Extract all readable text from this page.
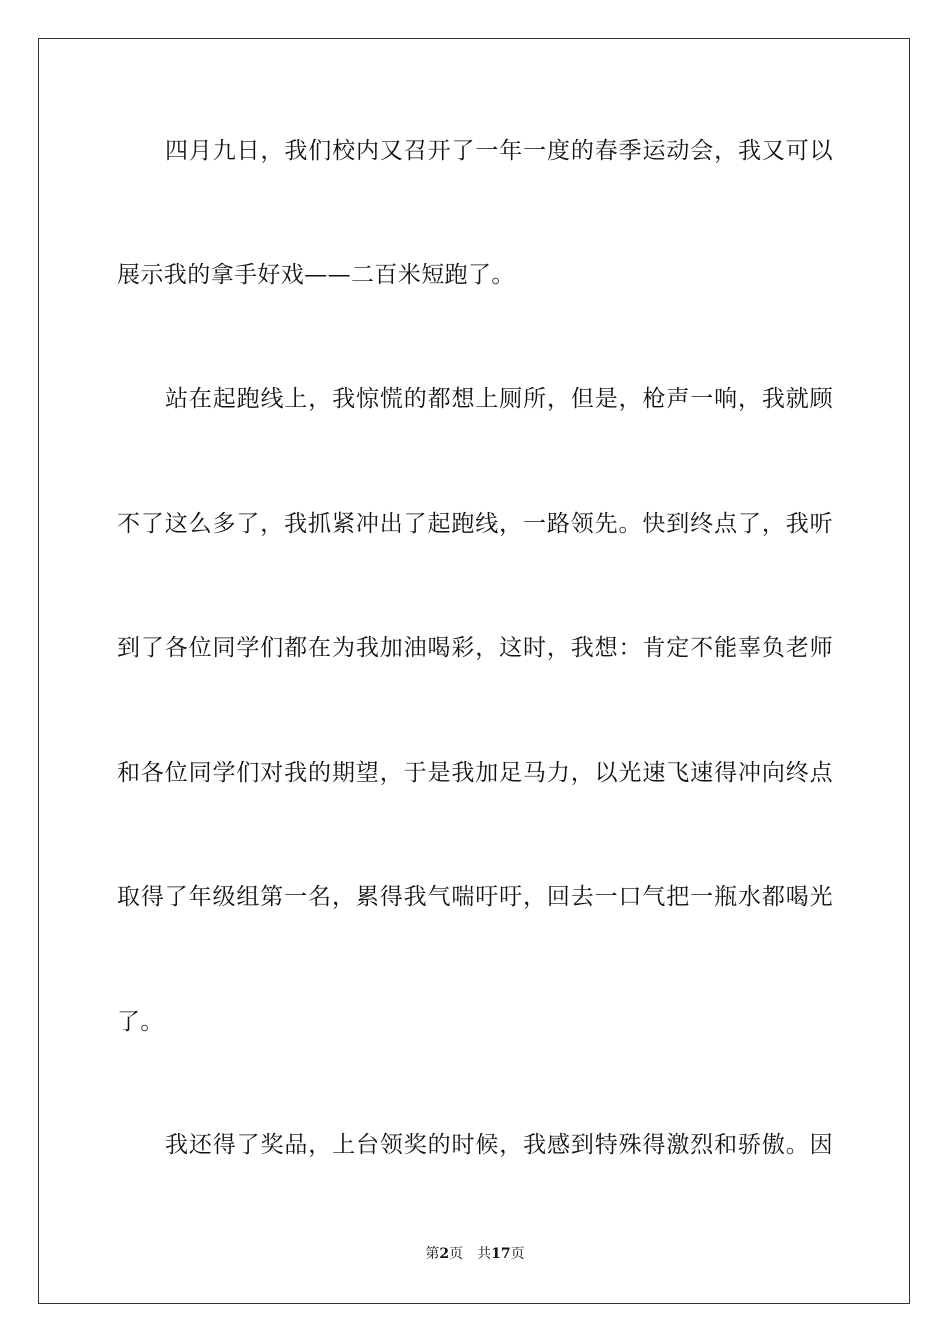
四月九日，我们校内又召开了一年一度的春季运动会，我又可以
展示我的拿手好戏——二百米短跑了。
站在起跑线上，我惊慌的都想上厕所，但是，枪声一响，我就顾
不了这么多了，我抓紧冲出了起跑线，一路领先。快到终点了，我听
到了各位同学们都在为我加油喝彩，这时，我想：肯定不能辜负老师
和各位同学们对我的期望，于是我加足马力，以光速飞速得冲向终点
取得了年级组第一名，累得我气喘吁吁，回去一口气把一瓶水都喝光
了。
我还得了奖品，上台领奖的时候，我感到特殊得激烈和骄傲。因
第2页 共17页
